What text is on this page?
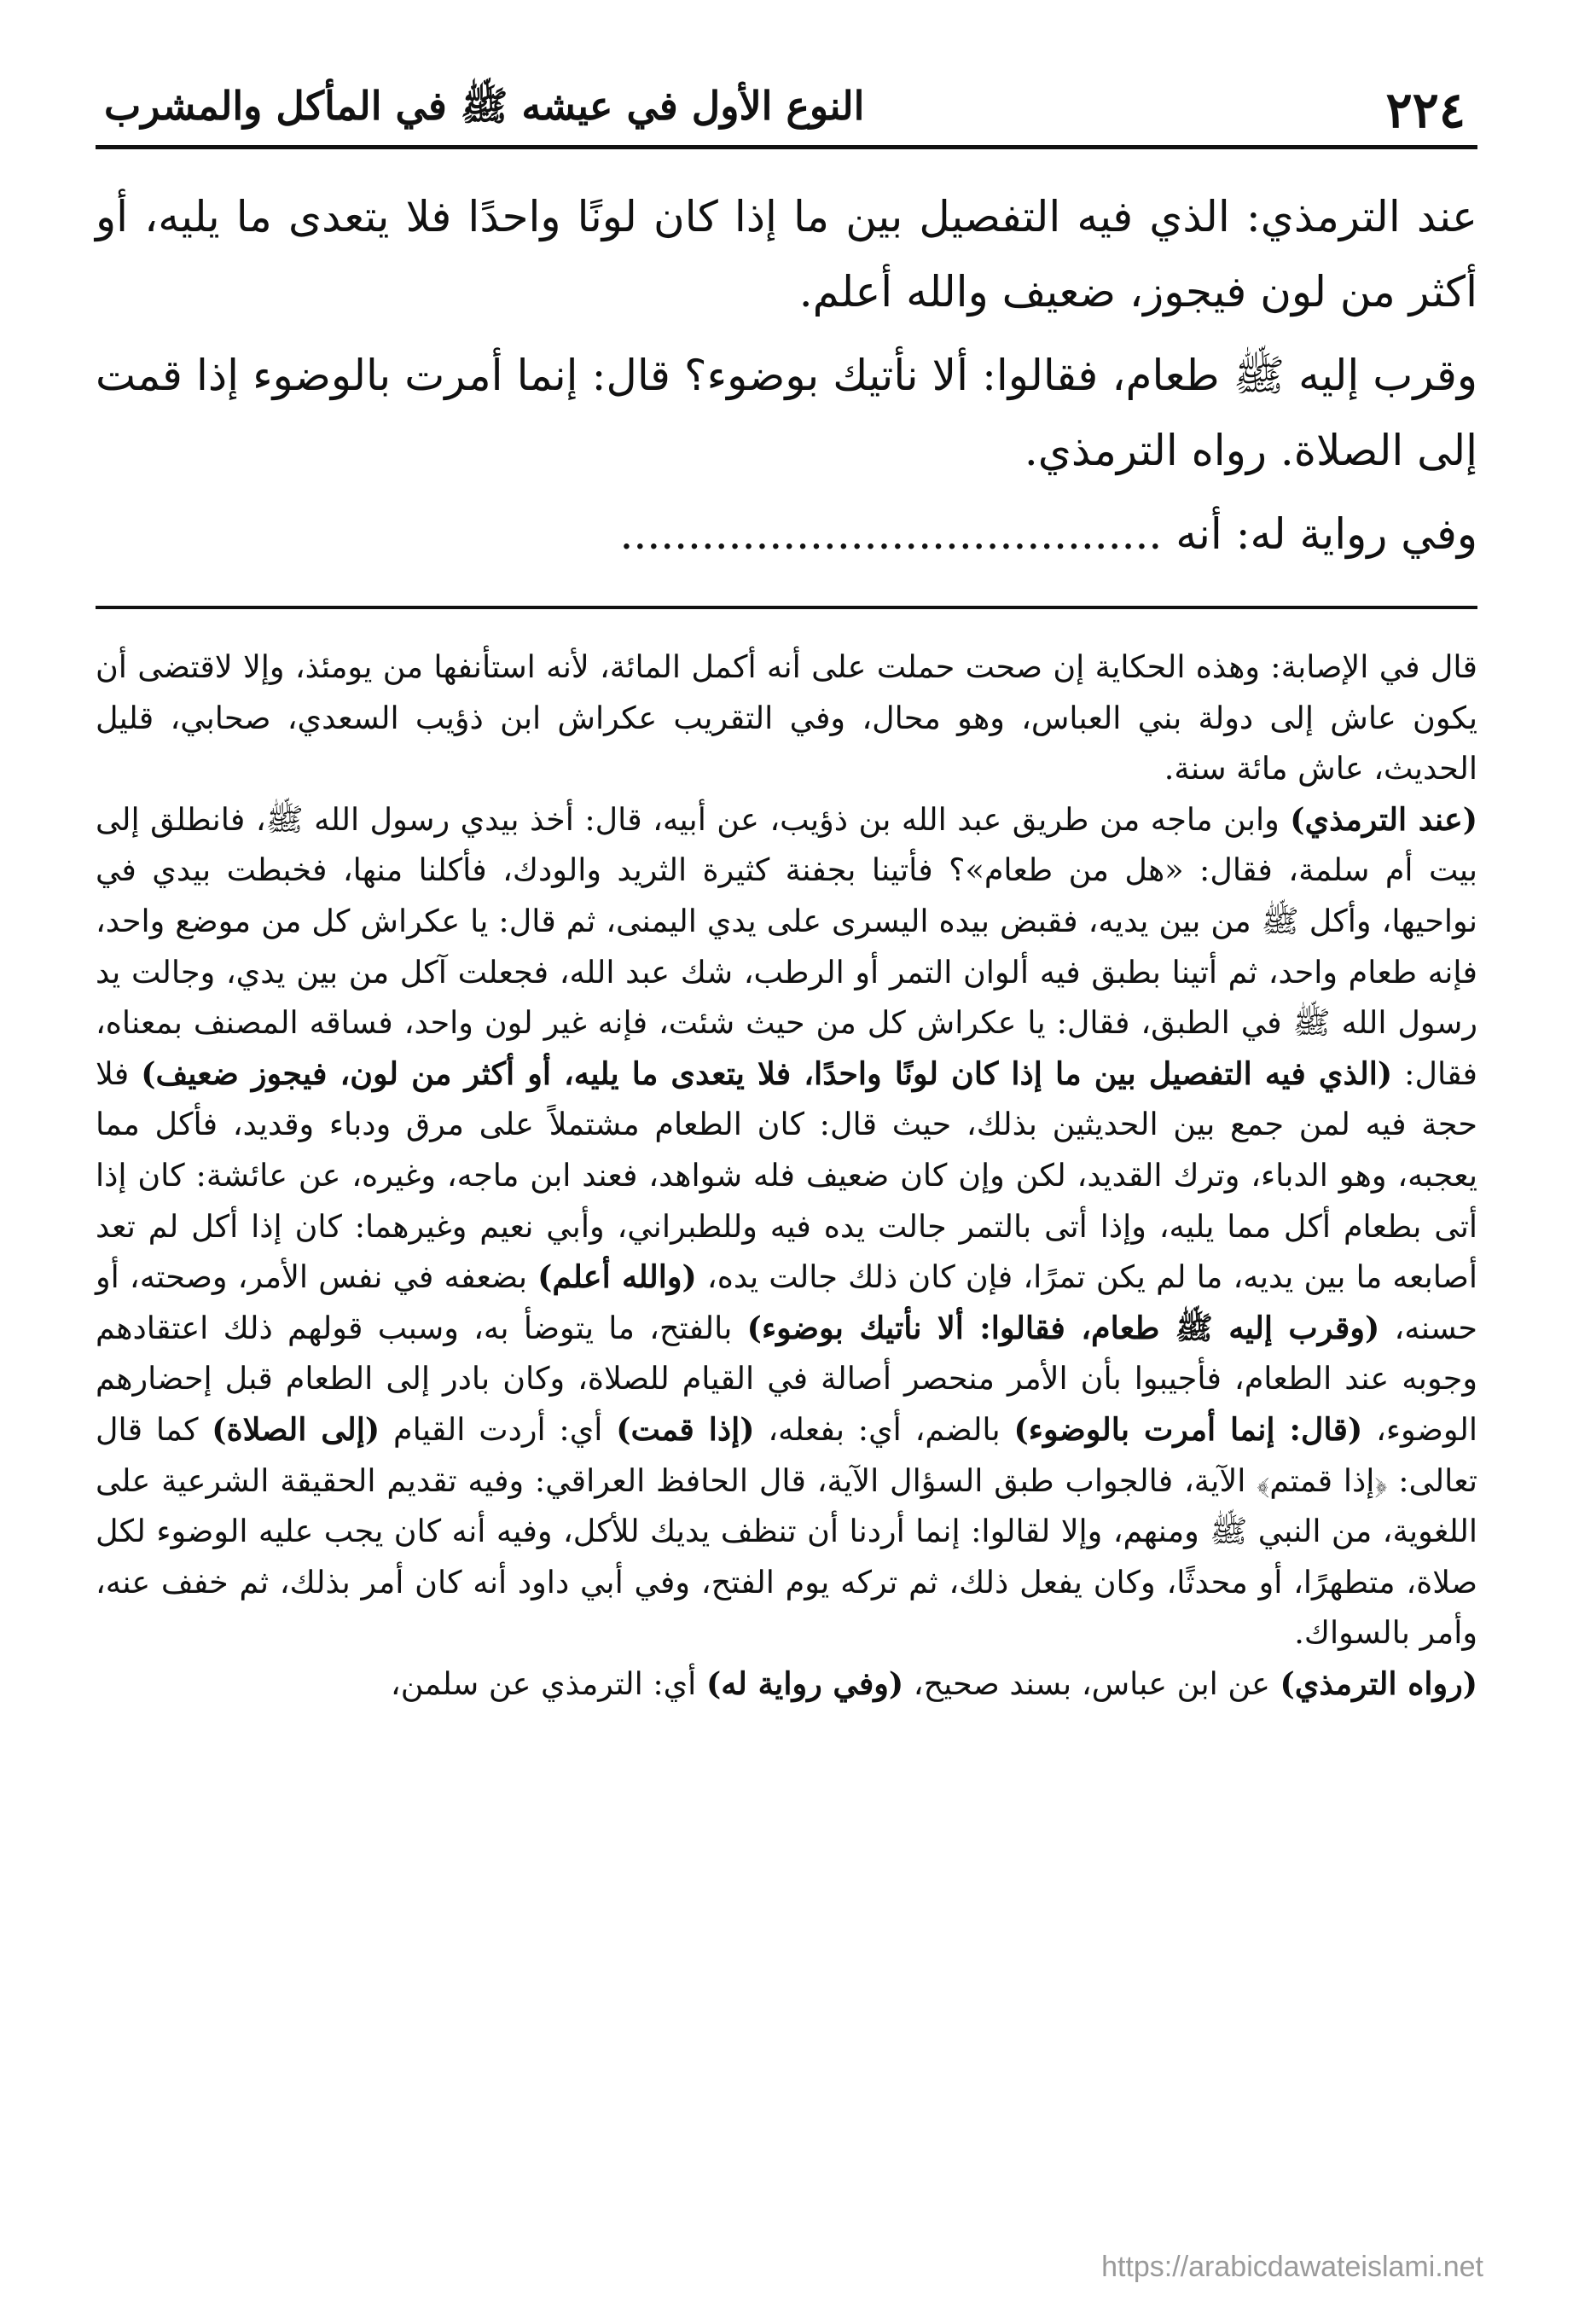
٢٢٤
النوع الأول في عيشه ﷺ في المأكل والمشرب

عند الترمذي: الذي فيه التفصيل بين ما إذا كان لونًا واحدًا فلا يتعدى ما يليه، أو أكثر من لون فيجوز، ضعيف والله أعلم.

وقرب إليه ﷺ طعام، فقالوا: ألا نأتيك بوضوء؟ قال: إنما أمرت بالوضوء إذا قمت إلى الصلاة. رواه الترمذي.

وفي رواية له: أنه ........................................

قال في الإصابة: وهذه الحكاية إن صحت حملت على أنه أكمل المائة، لأنه استأنفها من يومئذ، وإلا لاقتضى أن يكون عاش إلى دولة بني العباس، وهو محال، وفي التقريب عكراش ابن ذؤيب السعدي، صحابي، قليل الحديث، عاش مائة سنة.

(عند الترمذي) وابن ماجه من طريق عبد الله بن ذؤيب، عن أبيه، قال: أخذ بيدي رسول الله ﷺ، فانطلق إلى بيت أم سلمة، فقال: «هل من طعام»؟ فأتينا بجفنة كثيرة الثريد والودك، فأكلنا منها، فخبطت بيدي في نواحيها، وأكل ﷺ من بين يديه، فقبض بيده اليسرى على يدي اليمنى، ثم قال: يا عكراش كل من موضع واحد، فإنه طعام واحد، ثم أتينا بطبق فيه ألوان التمر أو الرطب، شك عبد الله، فجعلت آكل من بين يدي، وجالت يد رسول الله ﷺ في الطبق، فقال: يا عكراش كل من حيث شئت، فإنه غير لون واحد، فساقه المصنف بمعناه، فقال: (الذي فيه التفصيل بين ما إذا كان لونًا واحدًا، فلا يتعدى ما يليه، أو أكثر من لون، فيجوز ضعيف) فلا حجة فيه لمن جمع بين الحديثين بذلك، حيث قال: كان الطعام مشتملاً على مرق ودباء وقديد، فأكل مما يعجبه، وهو الدباء، وترك القديد، لكن وإن كان ضعيف فله شواهد، فعند ابن ماجه، وغيره، عن عائشة: كان إذا أتى بطعام أكل مما يليه، وإذا أتى بالتمر جالت يده فيه وللطبراني، وأبي نعيم وغيرهما: كان إذا أكل لم تعد أصابعه ما بين يديه، ما لم يكن تمرًا، فإن كان ذلك جالت يده، (والله أعلم) بضعفه في نفس الأمر، وصحته، أو حسنه، (وقرب إليه ﷺ طعام، فقالوا: ألا نأتيك بوضوء) بالفتح، ما يتوضأ به، وسبب قولهم ذلك اعتقادهم وجوبه عند الطعام، فأجيبوا بأن الأمر منحصر أصالة في القيام للصلاة، وكان بادر إلى الطعام قبل إحضارهم الوضوء، (قال: إنما أمرت بالوضوء) بالضم، أي: بفعله، (إذا قمت) أي: أردت القيام (إلى الصلاة) كما قال تعالى: ﴿إذا قمتم﴾ الآية، فالجواب طبق السؤال الآية، قال الحافظ العراقي: وفيه تقديم الحقيقة الشرعية على اللغوية، من النبي ﷺ ومنهم، وإلا لقالوا: إنما أردنا أن تنظف يديك للأكل، وفيه أنه كان يجب عليه الوضوء لكل صلاة، متطهرًا، أو محدثًا، وكان يفعل ذلك، ثم تركه يوم الفتح، وفي أبي داود أنه كان أمر بذلك، ثم خفف عنه، وأمر بالسواك.

(رواه الترمذي) عن ابن عباس، بسند صحيح، (وفي رواية له) أي: الترمذي عن سلمن،

https://arabicdawateislami.net
